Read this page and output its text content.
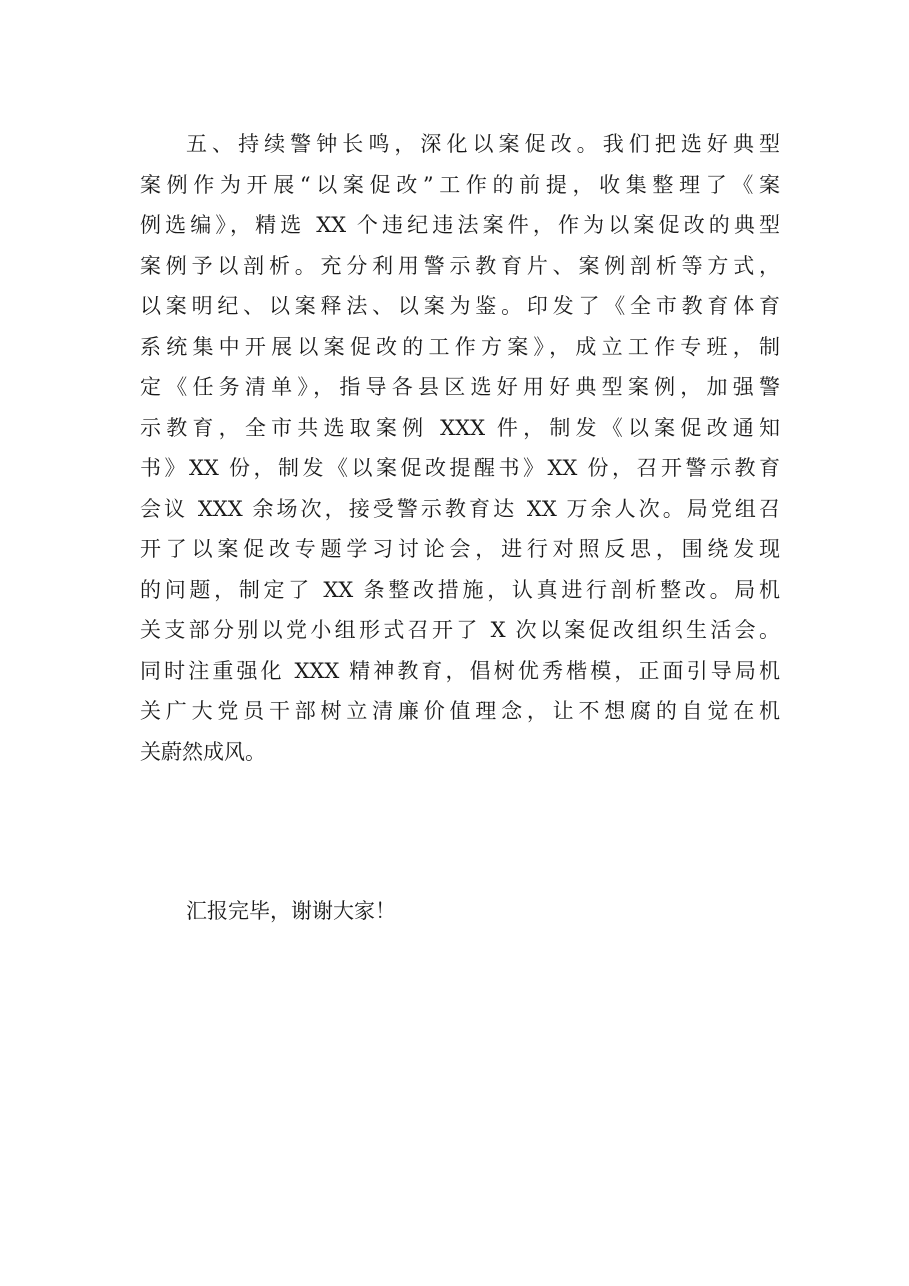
五、持续警钟长鸣，深化以案促改。我们把选好典型
案例作为开展“以案促改”工作的前提，收集整理了《案
例选编》，精选 XX 个违纪违法案件，作为以案促改的典型
案例予以剖析。充分利用警示教育片、案例剖析等方式，
以案明纪、以案释法、以案为鉴。印发了《全市教育体育
系统集中开展以案促改的工作方案》，成立工作专班，制
定《任务清单》，指导各县区选好用好典型案例，加强警
示教育，全市共选取案例 XXX 件，制发《以案促改通知
书》XX 份，制发《以案促改提醒书》XX 份，召开警示教育
会议 XXX 余场次，接受警示教育达 XX 万余人次。局党组召
开了以案促改专题学习讨论会，进行对照反思，围绕发现
的问题，制定了 XX 条整改措施，认真进行剖析整改。局机
关支部分别以党小组形式召开了 X 次以案促改组织生活会。
同时注重强化 XXX 精神教育，倡树优秀楷模，正面引导局机
关广大党员干部树立清廉价值理念，让不想腐的自觉在机
关蔚然成风。
汇报完毕，谢谢大家！
